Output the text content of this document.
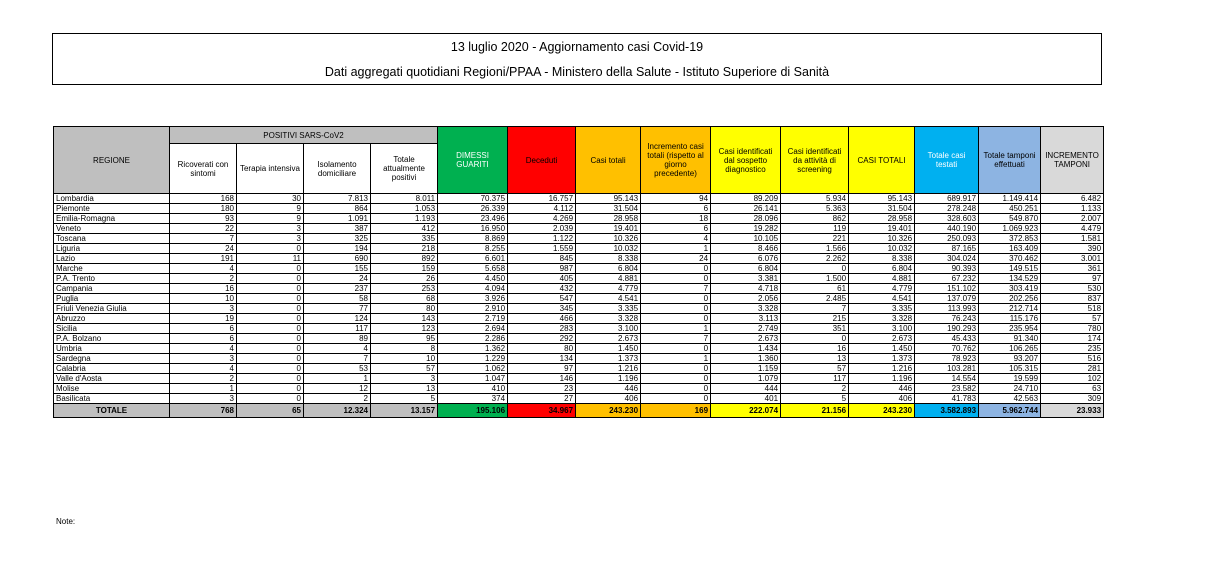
13 luglio 2020 - Aggiornamento casi Covid-19
Dati aggregati quotidiani Regioni/PPAA - Ministero della Salute - Istituto Superiore di Sanità
REGIONE	POSITIVI SARS-CoV2				DIMESSI GUARITI	Deceduti	Casi totali	Incremento casi totali (rispetto al giorno precedente)	Casi identificati dal sospetto diagnostico	Casi identificati da attività di screening	CASI TOTALI	Totale casi testati	Totale tamponi effettuati	INCREMENTO TAMPONI
	Ricoverati con sintomi	Terapia intensiva	Isolamento domiciliare	Totale attualmente positivi										
Lombardia	168	30	7.813	8.011	70.375	16.757	95.143	94	89.209	5.934	95.143	689.917	1.149.414	6.482
Piemonte	180	9	864	1.053	26.339	4.112	31.504	6	26.141	5.363	31.504	278.248	450.251	1.133
Emilia-Romagna	93	9	1.091	1.193	23.496	4.269	28.958	18	28.096	862	28.958	328.603	549.870	2.007
Veneto	22	3	387	412	16.950	2.039	19.401	6	19.282	119	19.401	440.190	1.069.923	4.479
Toscana	7	3	325	335	8.869	1.122	10.326	4	10.105	221	10.326	250.093	372.853	1.581
Liguria	24	0	194	218	8.255	1.559	10.032	1	8.466	1.566	10.032	87.165	163.409	390
Lazio	191	11	690	892	6.601	845	8.338	24	6.076	2.262	8.338	304.024	370.462	3.001
Marche	4	0	155	159	5.658	987	6.804	0	6.804	0	6.804	90.393	149.515	361
P.A. Trento	2	0	24	26	4.450	405	4.881	0	3.381	1.500	4.881	67.232	134.529	97
Campania	16	0	237	253	4.094	432	4.779	7	4.718	61	4.779	151.102	303.419	530
Puglia	10	0	58	68	3.926	547	4.541	0	2.056	2.485	4.541	137.079	202.256	837
Friuli Venezia Giulia	3	0	77	80	2.910	345	3.335	0	3.328	7	3.335	113.993	212.714	518
Abruzzo	19	0	124	143	2.719	466	3.328	0	3.113	215	3.328	76.243	115.176	57
Sicilia	6	0	117	123	2.694	283	3.100	1	2.749	351	3.100	190.293	235.954	780
P.A. Bolzano	6	0	89	95	2.286	292	2.673	7	2.673	0	2.673	45.433	91.340	174
Umbria	4	0	4	8	1.362	80	1.450	0	1.434	16	1.450	70.762	106.265	235
Sardegna	3	0	7	10	1.229	134	1.373	1	1.360	13	1.373	78.923	93.207	516
Calabria	4	0	53	57	1.062	97	1.216	0	1.159	57	1.216	103.281	105.315	281
Valle d'Aosta	2	0	1	3	1.047	146	1.196	0	1.079	117	1.196	14.554	19.599	102
Molise	1	0	12	13	410	23	446	0	444	2	446	23.582	24.710	63
Basilicata	3	0	2	5	374	27	406	0	401	5	406	41.783	42.563	309
TOTALE	768	65	12.324	13.157	195.106	34.967	243.230	169	222.074	21.156	243.230	3.582.893	5.962.744	23.933
Note:
